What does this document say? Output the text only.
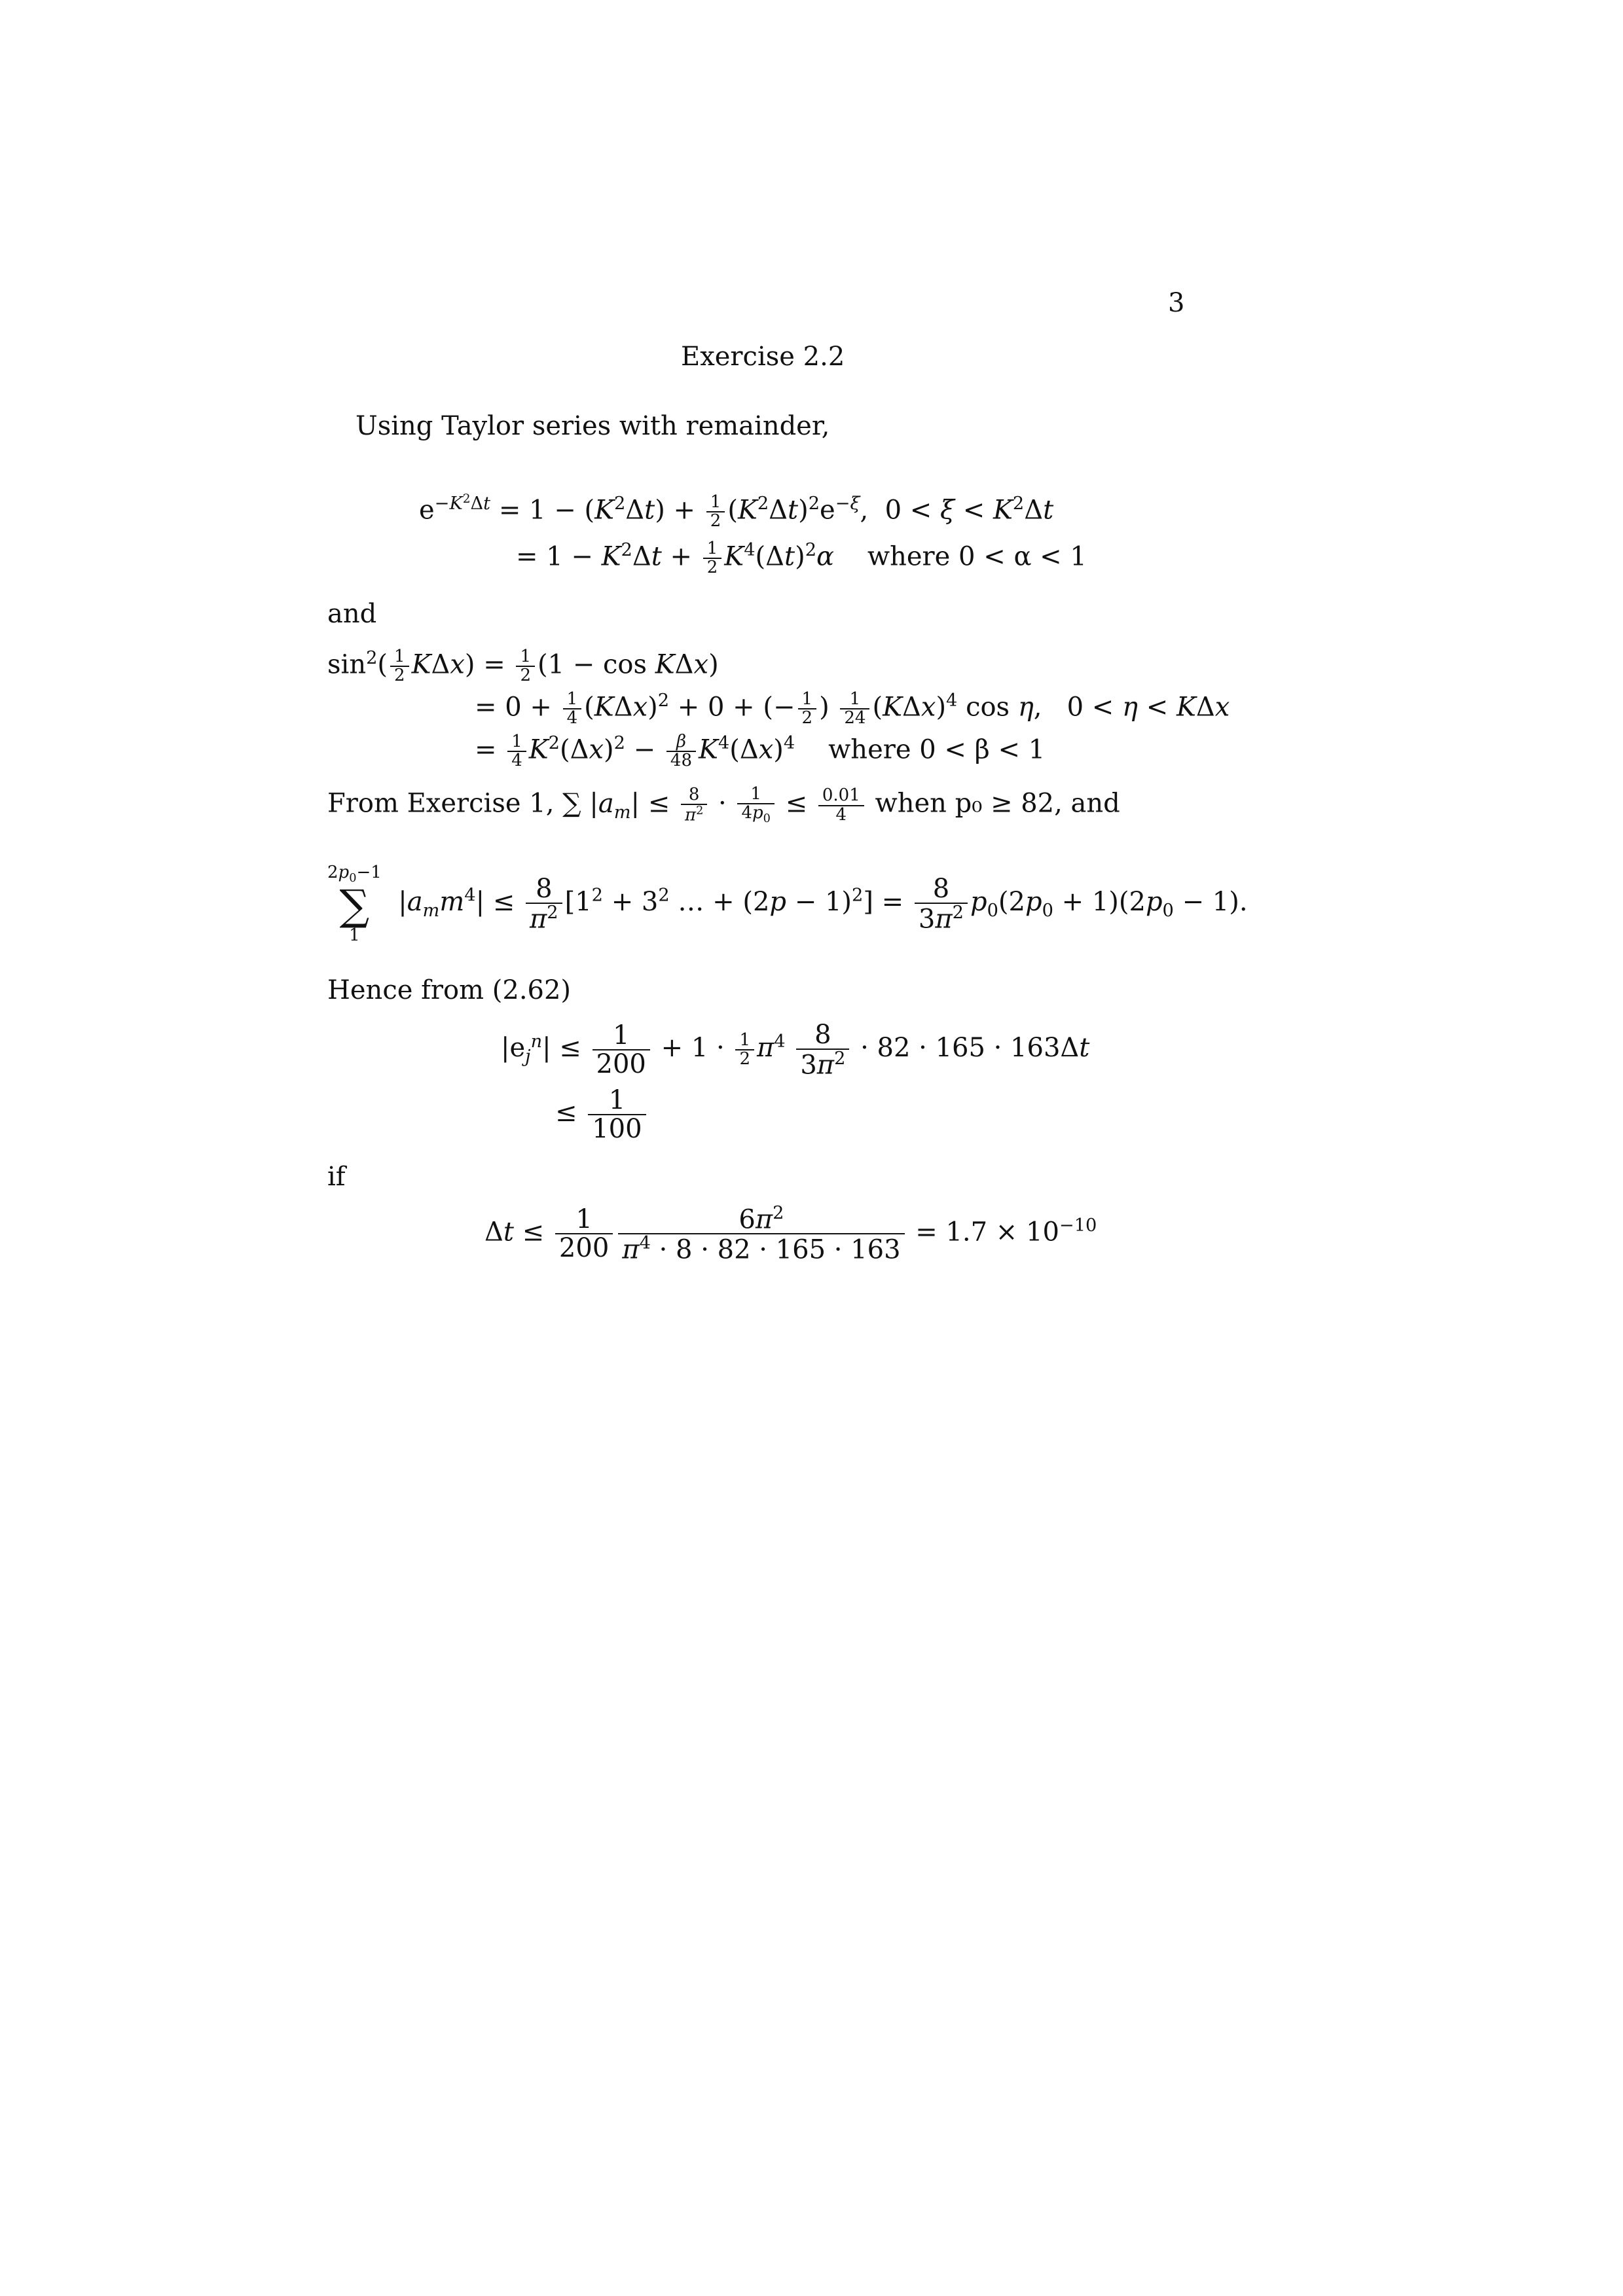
3
Exercise 2.2
Using Taylor series with remainder,
$e^{-K^2\Delta t} = 1 - (K^2\Delta t) + \frac{1}{2} (K^2\Delta t)^2e^{-\xi}$,  $0 < \xi < K^2\Delta t$
= $1 - K^2\Delta t + \frac{1}{2} K^4(\Delta t)^2\alpha$ where 0 < α < 1
and
$\sin^2( \frac{1}{2} K\Delta x) = \frac{1}{2} (1 - \cos K\Delta x)$
= $0 + \frac{1}{4} (K\Delta x)^2 + 0$ + (− $\frac{1}{2}$ ) $\frac{1}{24} (K\Delta x)^4$ cos η,   0 < η < KΔx
= $\frac{1}{4} K^2(\Delta x)^2 - \frac{\beta}{48} K^4(\Delta x)^4$ where 0 < β < 1
From Exercise 1, ∑ $|a_m| \le \frac{8}{\pi^2} \cdot \frac{1}{4p_0} \le \frac{0.01}{4}$ when p₀ ≥ 82, and
$2p_0-1$
∑
1
$|a_mm^4| \le \frac{8}{\pi^2} [1^2 + 3^2$ … + $(2p - 1)^2] = \frac{8}{3\pi^2} p_0(2p_0 + 1)(2p_0 - 1)$.
Hence from (2.62)
$|e_j^n| \le \frac{1}{200} + 1 \cdot \frac{1}{2} \pi^4 \frac{8}{3\pi^2} \cdot 82 \cdot 165 \cdot 163\Delta t$
≤ $\frac{1}{100}$
if
$\Delta t \le \frac{1}{200} \frac{6\pi^2}{\pi^4 \cdot 8 \cdot 82 \cdot 165 \cdot 163} = 1.7 \times 10^{-10}$
